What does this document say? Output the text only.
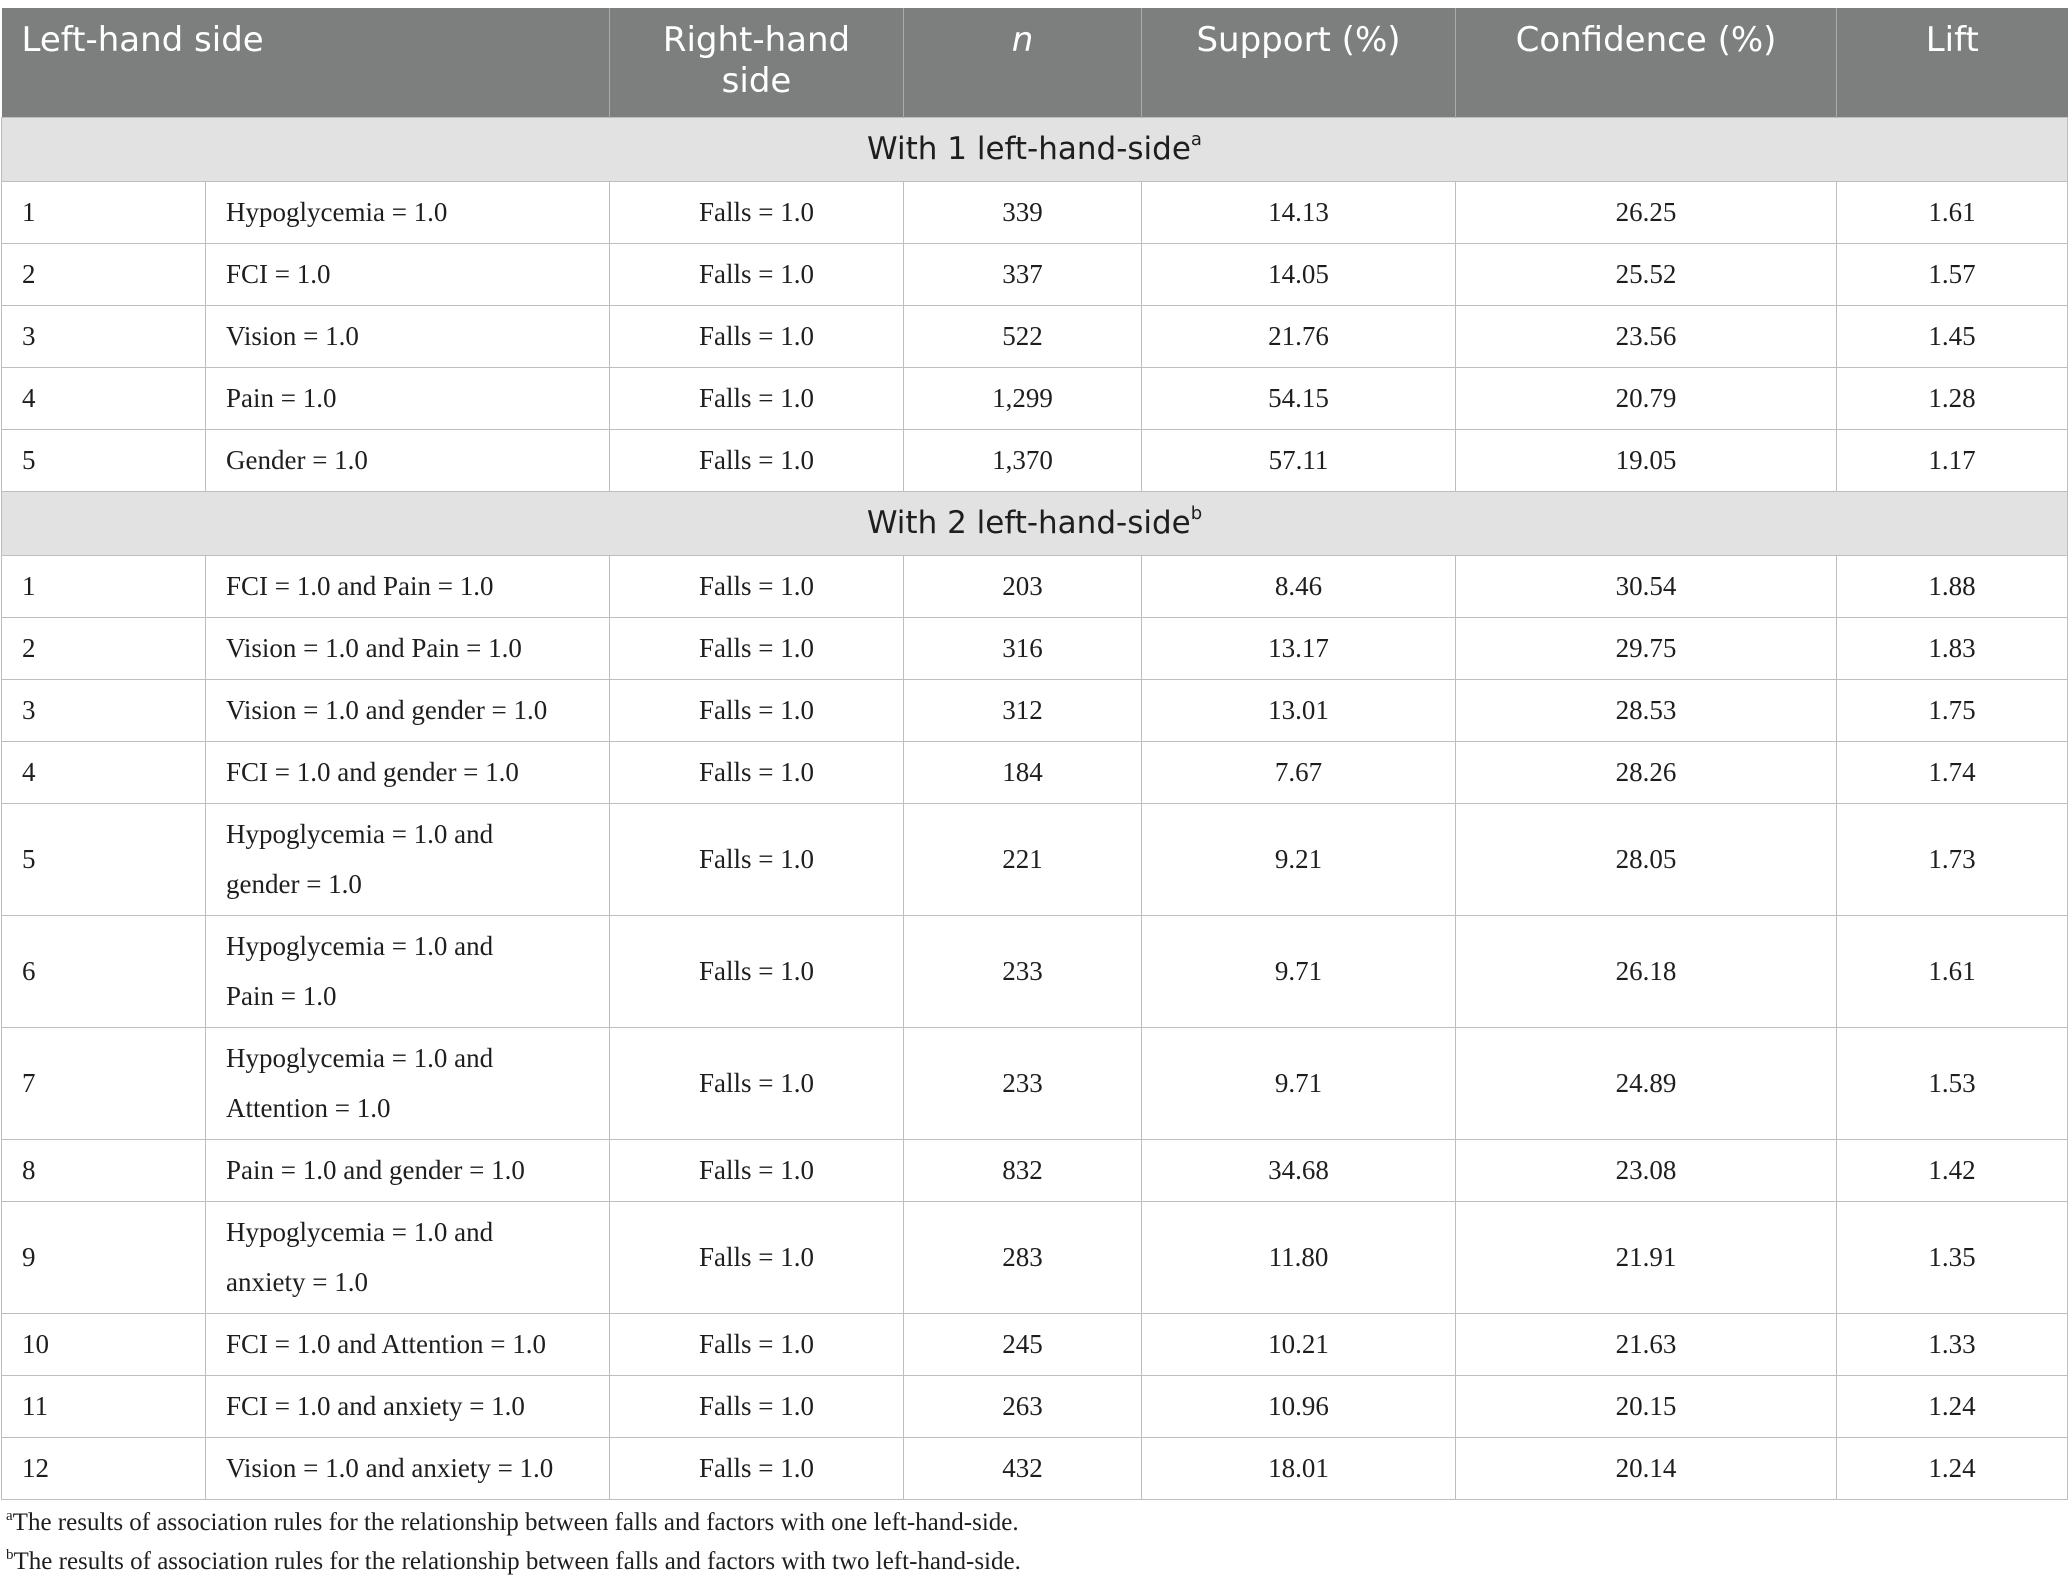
Left-hand side		Right-hand side	n	Support (%)	Confidence (%)	Lift
With 1 left-hand-side$^a$
1	Hypoglycemia = 1.0	Falls = 1.0	339	14.13	26.25	1.61
2	FCI = 1.0	Falls = 1.0	337	14.05	25.52	1.57
3	Vision = 1.0	Falls = 1.0	522	21.76	23.56	1.45
4	Pain = 1.0	Falls = 1.0	1,299	54.15	20.79	1.28
5	Gender = 1.0	Falls = 1.0	1,370	57.11	19.05	1.17
With 2 left-hand-side$^b$
1	FCI = 1.0 and Pain = 1.0	Falls = 1.0	203	8.46	30.54	1.88
2	Vision = 1.0 and Pain = 1.0	Falls = 1.0	316	13.17	29.75	1.83
3	Vision = 1.0 and gender = 1.0	Falls = 1.0	312	13.01	28.53	1.75
4	FCI = 1.0 and gender = 1.0	Falls = 1.0	184	7.67	28.26	1.74
5	Hypoglycemia = 1.0 and
gender = 1.0	Falls = 1.0	221	9.21	28.05	1.73
6	Hypoglycemia = 1.0 and
Pain = 1.0	Falls = 1.0	233	9.71	26.18	1.61
7	Hypoglycemia = 1.0 and
Attention = 1.0	Falls = 1.0	233	9.71	24.89	1.53
8	Pain = 1.0 and gender = 1.0	Falls = 1.0	832	34.68	23.08	1.42
9	Hypoglycemia = 1.0 and
anxiety = 1.0	Falls = 1.0	283	11.80	21.91	1.35
10	FCI = 1.0 and Attention = 1.0	Falls = 1.0	245	10.21	21.63	1.33
11	FCI = 1.0 and anxiety = 1.0	Falls = 1.0	263	10.96	20.15	1.24
12	Vision = 1.0 and anxiety = 1.0	Falls = 1.0	432	18.01	20.14	1.24

$^a$The results of association rules for the relationship between falls and factors with one left-hand-side.

$^b$The results of association rules for the relationship between falls and factors with two left-hand-side.
